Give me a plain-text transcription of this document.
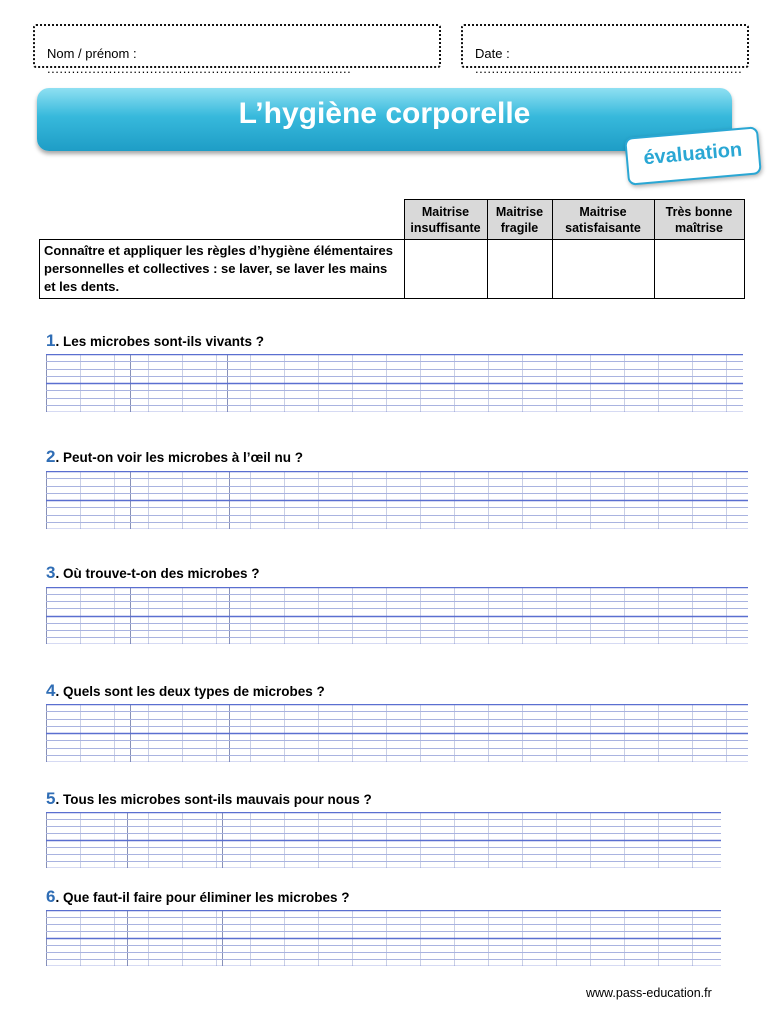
Nom / prénom : ..........................................................................
Date : .................................................................
L’hygiène corporelle
évaluation
	Maitrise insuffisante	Maitrise fragile	Maitrise satisfaisante	Très bonne maîtrise
Connaître et appliquer les règles d’hygiène élémentaires personnelles et collectives : se laver, se laver les mains et les dents.				
1. Les microbes sont-ils vivants ?
2. Peut-on voir les microbes à l’œil nu ?
3. Où trouve-t-on des microbes ?
4. Quels sont les deux types de microbes ?
5. Tous les microbes sont-ils mauvais pour nous ?
6. Que faut-il faire pour éliminer les microbes ?
www.pass-education.fr
